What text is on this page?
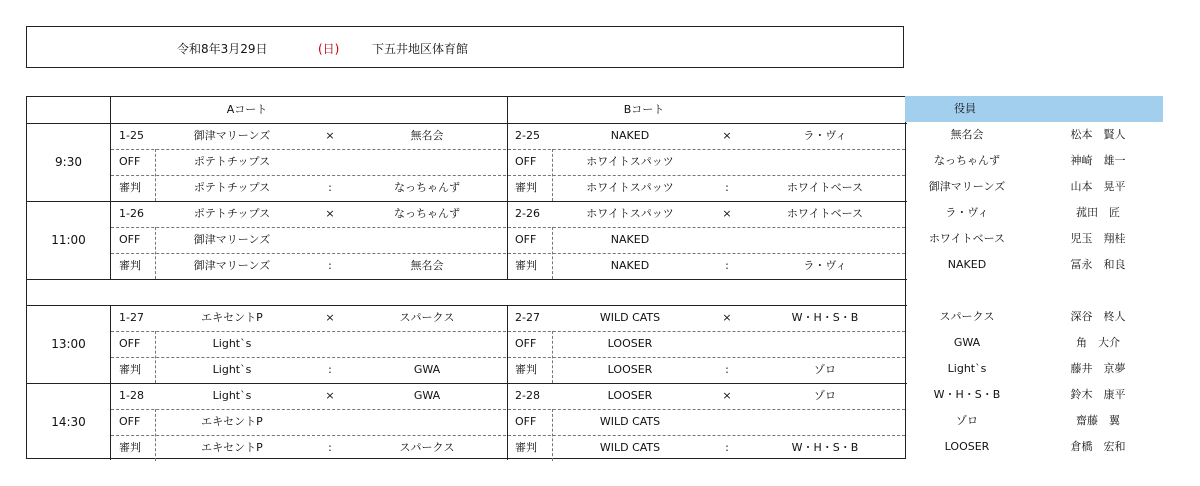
令和8年3月29日	(日)	下五井地区体育館
Aコート	Bコート
9:30
1-25	御津マリーンズ	×	無名会	2-25	NAKED	×	ラ・ヴィ
OFF	ポテトチップス	OFF	ホワイトスパッツ
審判	ポテトチップス	:	なっちゃんず	審判	ホワイトスパッツ	:	ホワイトベース
11:00
1-26	ポテトチップス	×	なっちゃんず	2-26	ホワイトスパッツ	×	ホワイトベース
OFF	御津マリーンズ	OFF	NAKED
審判	御津マリーンズ	:	無名会	審判	NAKED	:	ラ・ヴィ
13:00
1-27	エキセントP	×	スパークス	2-27	WILD CATS	×	W・H・S・B
OFF	Light`s	OFF	LOOSER
審判	Light`s	:	GWA	審判	LOOSER	:	ゾロ
14:30
1-28	Light`s	×	GWA	2-28	LOOSER	×	ゾロ
OFF	エキセントP	OFF	WILD CATS
審判	エキセントP	:	スパークス	審判	WILD CATS	:	W・H・S・B
役員
無名会	松本　賢人
なっちゃんず	神崎　雄一
御津マリーンズ	山本　晃平
ラ・ヴィ	菰田　匠
ホワイトベース	児玉　翔桂
NAKED	冨永　和良
スパークス	深谷　柊人
GWA	角　大介
Light`s	藤井　京夢
W・H・S・B	鈴木　康平
ゾロ	齋藤　翼
LOOSER	倉橋　宏和
